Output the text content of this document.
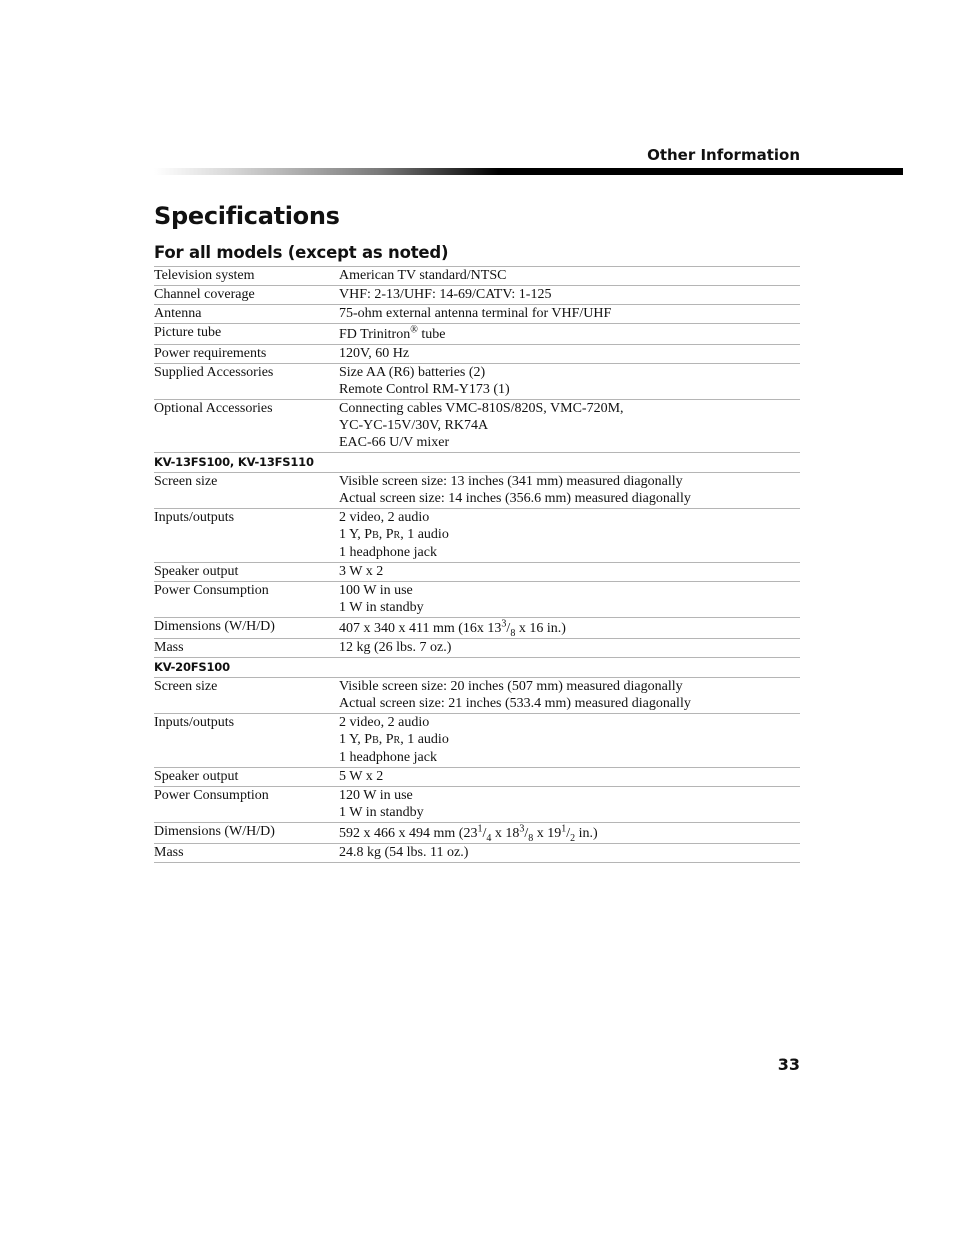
Other Information
Specifications
For all models (except as noted)
Television system	American TV standard/NTSC
Channel coverage	VHF: 2-13/UHF: 14-69/CATV: 1-125
Antenna	75-ohm external antenna terminal for VHF/UHF
Picture tube	FD Trinitron® tube
Power requirements	120V, 60 Hz
Supplied Accessories	Size AA (R6) batteries (2)
Remote Control RM-Y173 (1)
Optional Accessories	Connecting cables VMC-810S/820S, VMC-720M,
YC-YC-15V/30V, RK74A
EAC-66 U/V mixer
KV-13FS100, KV-13FS110
Screen size	Visible screen size: 13 inches (341 mm) measured diagonally
Actual screen size: 14 inches (356.6 mm) measured diagonally
Inputs/outputs	2 video, 2 audio
1 Y, PB, PR, 1 audio
1 headphone jack
Speaker output	3 W x 2
Power Consumption	100 W in use
1 W in standby
Dimensions (W/H/D)	407 x 340 x 411 mm (16x $13^3/_8$ x 16 in.)
Mass	12 kg (26 lbs. 7 oz.)
KV-20FS100
Screen size	Visible screen size: 20 inches (507 mm) measured diagonally
Actual screen size: 21 inches (533.4 mm) measured diagonally
Inputs/outputs	2 video, 2 audio
1 Y, PB, PR, 1 audio
1 headphone jack
Speaker output	5 W x 2
Power Consumption	120 W in use
1 W in standby
Dimensions (W/H/D)	592 x 466 x 494 mm ($23^1/_4$ x $18^3/_8$ x $19^1/_2$ in.)
Mass	24.8 kg (54 lbs. 11 oz.)
33
